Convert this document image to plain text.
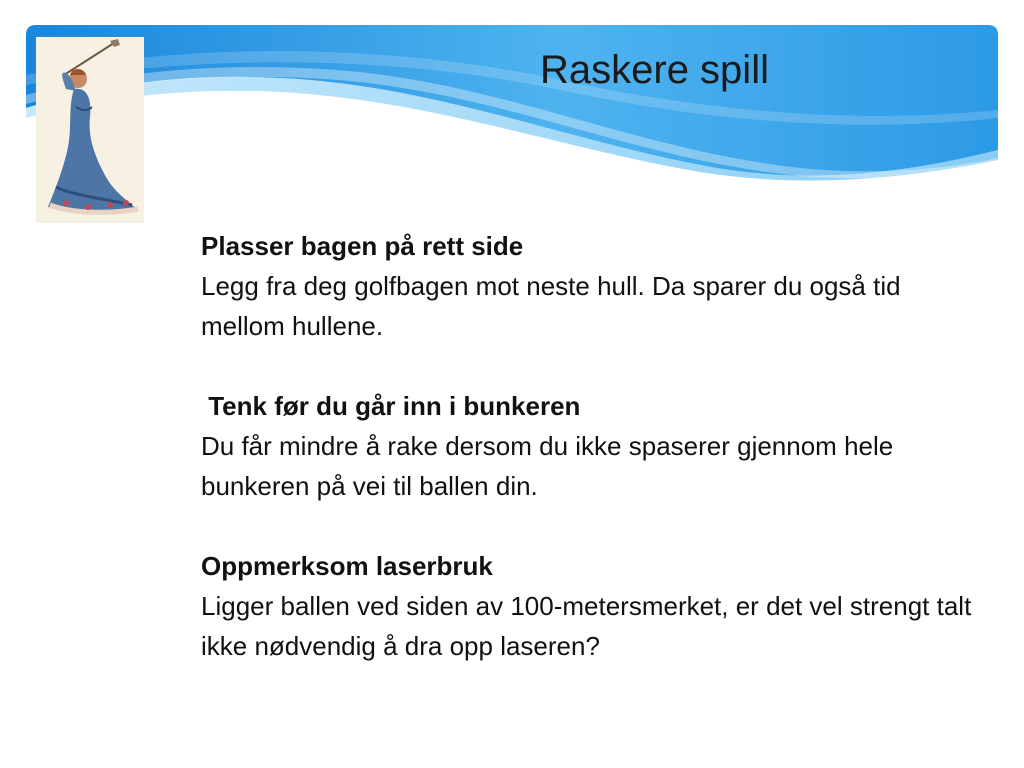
Raskere spill
Plasser bagen på rett side
Legg fra deg golfbagen mot neste hull. Da sparer du også tid mellom hullene.
Tenk før du går inn i bunkeren
Du får mindre å rake dersom du ikke spaserer gjennom hele bunkeren på vei til ballen din.
Oppmerksom laserbruk
Ligger ballen ved siden av 100-metersmerket, er det vel strengt talt ikke nødvendig å dra opp laseren?
